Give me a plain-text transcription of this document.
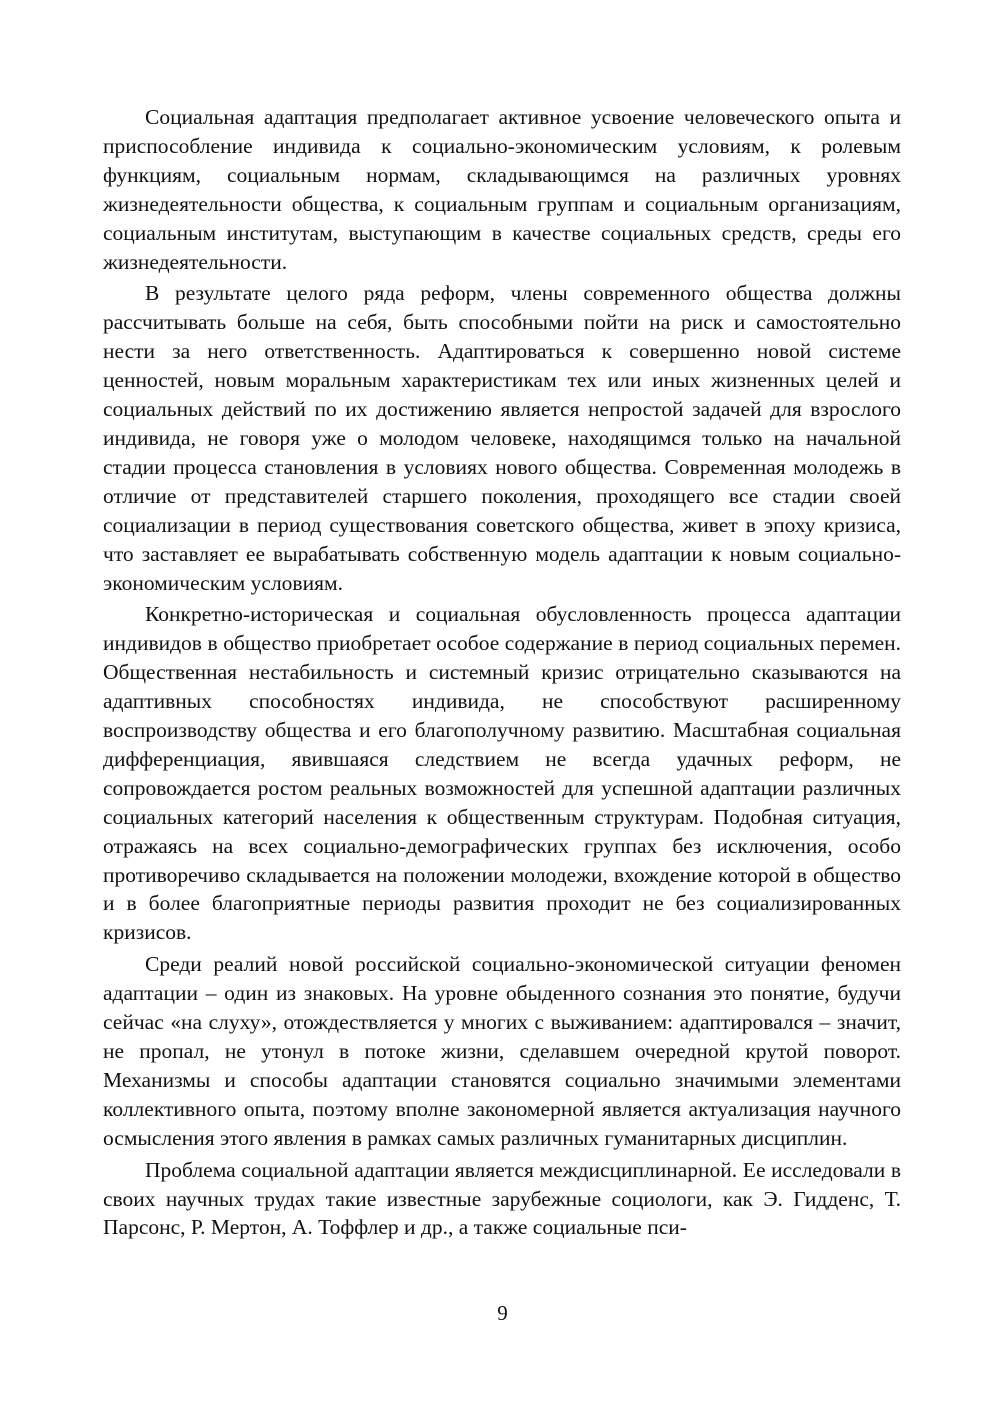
Социальная адаптация предполагает активное усвоение человеческого опыта и приспособление индивида к социально-экономическим условиям, к ролевым функциям, социальным нормам, складывающимся на различных уровнях жизнедеятельности общества, к социальным группам и социальным организациям, социальным институтам, выступающим в качестве социальных средств, среды его жизнедеятельности.

В результате целого ряда реформ, члены современного общества должны рассчитывать больше на себя, быть способными пойти на риск и самостоятельно нести за него ответственность. Адаптироваться к совершенно новой системе ценностей, новым моральным характеристикам тех или иных жизненных целей и социальных действий по их достижению является непростой задачей для взрослого индивида, не говоря уже о молодом человеке, находящимся только на начальной стадии процесса становления в условиях нового общества. Современная молодежь в отличие от представителей старшего поколения, проходящего все стадии своей социализации в период существования советского общества, живет в эпоху кризиса, что заставляет ее вырабатывать собственную модель адаптации к новым социально-экономическим условиям.

Конкретно-историческая и социальная обусловленность процесса адаптации индивидов в общество приобретает особое содержание в период социальных перемен. Общественная нестабильность и системный кризис отрицательно сказываются на адаптивных способностях индивида, не способствуют расширенному воспроизводству общества и его благополучному развитию. Масштабная социальная дифференциация, явившаяся следствием не всегда удачных реформ, не сопровождается ростом реальных возможностей для успешной адаптации различных социальных категорий населения к общественным структурам. Подобная ситуация, отражаясь на всех социально-демографических группах без исключения, особо противоречиво складывается на положении молодежи, вхождение которой в общество и в более благоприятные периоды развития проходит не без социализированных кризисов.

Среди реалий новой российской социально-экономической ситуации феномен адаптации – один из знаковых. На уровне обыденного сознания это понятие, будучи сейчас «на слуху», отождествляется у многих с выживанием: адаптировался – значит, не пропал, не утонул в потоке жизни, сделавшем очередной крутой поворот. Механизмы и способы адаптации становятся социально значимыми элементами коллективного опыта, поэтому вполне закономерной является актуализация научного осмысления этого явления в рамках самых различных гуманитарных дисциплин.

Проблема социальной адаптации является междисциплинарной. Ее исследовали в своих научных трудах такие известные зарубежные социологи, как Э. Гидденс, Т. Парсонс, Р. Мертон, А. Тоффлер и др., а также социальные пси-

9
